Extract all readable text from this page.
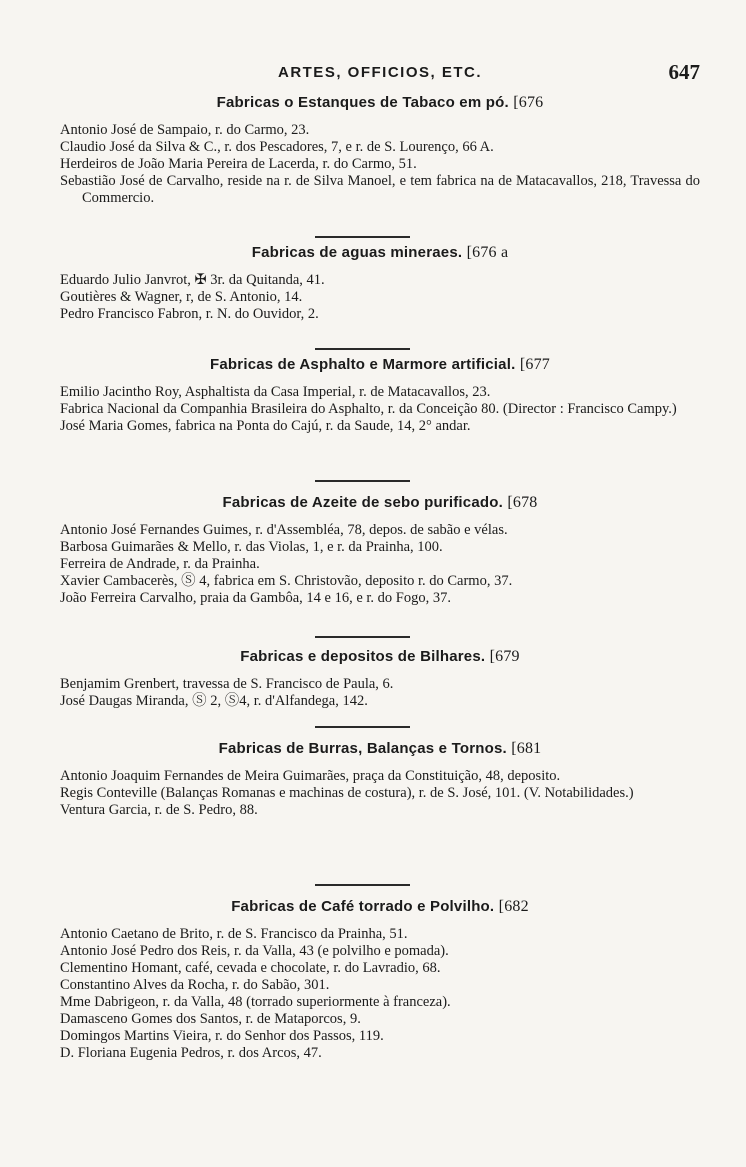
ARTES, OFFICIOS, ETC.	647
Fabricas o Estanques de Tabaco em pó. [676
Antonio José de Sampaio, r. do Carmo, 23.
Claudio José da Silva & C., r. dos Pescadores, 7, e r. de S. Lourenço, 66 A.
Herdeiros de João Maria Pereira de Lacerda, r. do Carmo, 51.
Sebastião José de Carvalho, reside na r. de Silva Manoel, e tem fabrica na de Matacavallos, 218, Travessa do Commercio.
Fabricas de aguas mineraes. [676 a
Eduardo Julio Janvrot, ✠ 3r. da Quitanda, 41.
Goutières & Wagner, r, de S. Antonio, 14.
Pedro Francisco Fabron, r. N. do Ouvidor, 2.
Fabricas de Asphalto e Marmore artificial. [677
Emilio Jacintho Roy, Asphaltista da Casa Imperial, r. de Matacavallos, 23.
Fabrica Nacional da Companhia Brasileira do Asphalto, r. da Conceição 80. (Director : Francisco Campy.)
José Maria Gomes, fabrica na Ponta do Cajú, r. da Saude, 14, 2° andar.
Fabricas de Azeite de sebo purificado. [678
Antonio José Fernandes Guimes, r. d'Assembléa, 78, depos. de sabão e vélas.
Barbosa Guimarães & Mello, r. das Violas, 1, e r. da Prainha, 100.
Ferreira de Andrade, r. da Prainha.
Xavier Cambacerès, Ⓢ 4, fabrica em S. Christovão, deposito r. do Carmo, 37.
João Ferreira Carvalho, praia da Gambôa, 14 e 16, e r. do Fogo, 37.
Fabricas e depositos de Bilhares. [679
Benjamim Grenbert, travessa de S. Francisco de Paula, 6.
José Daugas Miranda, Ⓢ 2, Ⓢ4, r. d'Alfandega, 142.
Fabricas de Burras, Balanças e Tornos. [681
Antonio Joaquim Fernandes de Meira Guimarães, praça da Constituição, 48, deposito.
Regis Conteville (Balanças Romanas e machinas de costura), r. de S. José, 101. (V. Notabilidades.)
Ventura Garcia, r. de S. Pedro, 88.
Fabricas de Café torrado e Polvilho. [682
Antonio Caetano de Brito, r. de S. Francisco da Prainha, 51.
Antonio José Pedro dos Reis, r. da Valla, 43 (e polvilho e pomada).
Clementino Homant, café, cevada e chocolate, r. do Lavradio, 68.
Constantino Alves da Rocha, r. do Sabão, 301.
Mme Dabrigeon, r. da Valla, 48 (torrado superiormente à franceza).
Damasceno Gomes dos Santos, r. de Mataporcos, 9.
Domingos Martins Vieira, r. do Senhor dos Passos, 119.
D. Floriana Eugenia Pedros, r. dos Arcos, 47.
